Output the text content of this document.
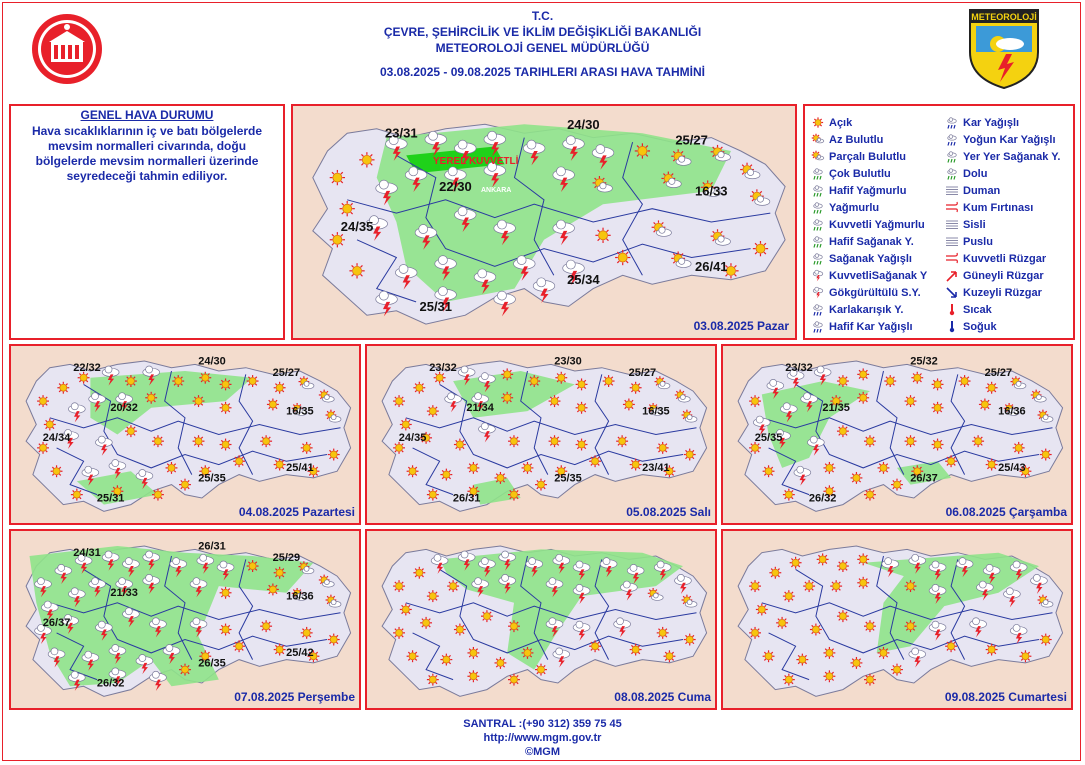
T.C.
ÇEVRE, ŞEHİRCİLİK VE İKLİM DEĞİŞİKLİĞİ BAKANLIĞI
METEOROLOJİ GENEL MÜDÜRLÜĞÜ
03.08.2025 - 09.08.2025 TARIHLERI ARASI HAVA TAHMİNİ
METEOROLOJİ
GENEL HAVA DURUMU
Hava sıcaklıklarının iç ve batı bölgelerde mevsim normalleri civarında, doğu bölgelerde mevsim normalleri üzerinde seyredeceği tahmin ediliyor.
23/31
24/30
25/27
22/30	16/33
24/35
25/34
26/41
25/31
YEREL KUVVETLİ
ANKARA
03.08.2025 Pazar
Açık
Az Bulutlu
Parçalı Bulutlu
Çok Bulutlu
Hafif Yağmurlu
Yağmurlu
Kuvvetli Yağmurlu
Hafif Sağanak Y.
Sağanak Yağışlı
KuvvetliSağanak Y
Gökgürültülü S.Y.
Karlakarışık Y.
Hafif Kar Yağışlı
Kar Yağışlı
Yoğun Kar Yağışlı
Yer Yer Sağanak Y.
Dolu
Duman
Kum Fırtınası
Sisli
Puslu
Kuvvetli Rüzgar
Güneyli Rüzgar
Kuzeyli Rüzgar
Sıcak
Soğuk
22/32
24/30
25/27
20/32	16/35
24/34
25/35
25/41
25/31
04.08.2025 Pazartesi
23/32
23/30
25/27
21/34	16/35
24/35
25/35
23/41
26/31
05.08.2025 Salı
23/32
25/32
25/27
21/35	16/36
25/35
26/37
25/43
26/32
06.08.2025 Çarşamba
24/31
26/31
25/29
21/33	16/36
26/37
26/35
25/42
26/32
07.08.2025 Perşembe	08.08.2025 Cuma	09.08.2025 Cumartesi
SANTRAL :(+90 312) 359 75 45
http://www.mgm.gov.tr
©MGM
